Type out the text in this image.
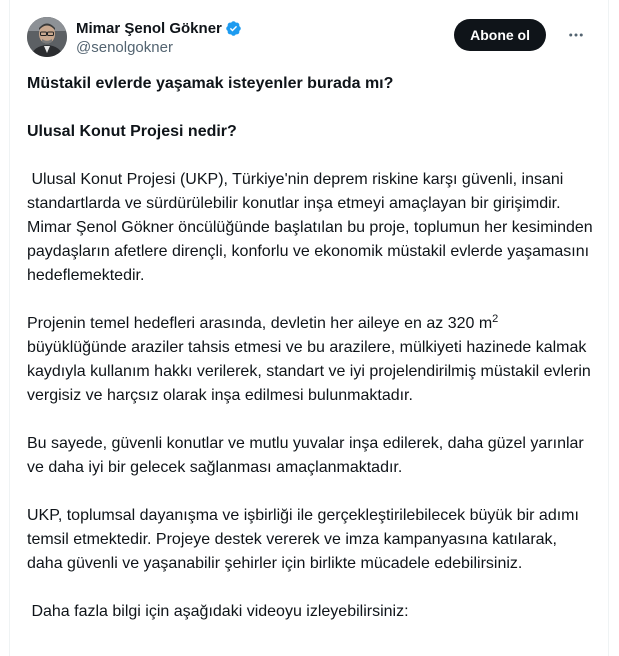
Mimar Şenol Gökner
@senolgokner
Abone ol

Müstakil evlerde yaşamak isteyenler burada mı?

Ulusal Konut Projesi nedir?

Ulusal Konut Projesi (UKP), Türkiye'nin deprem riskine karşı güvenli, insani standartlarda ve sürdürülebilir konutlar inşa etmeyi amaçlayan bir girişimdir. Mimar Şenol Gökner öncülüğünde başlatılan bu proje, toplumun her kesiminden paydaşların afetlere dirençli, konforlu ve ekonomik müstakil evlerde yaşamasını hedeflemektedir.

Projenin temel hedefleri arasında, devletin her aileye en az 320 $m^2$ büyüklüğünde araziler tahsis etmesi ve bu arazilere, mülkiyeti hazinede kalmak kaydıyla kullanım hakkı verilerek, standart ve iyi projelendirilmiş müstakil evlerin vergisiz ve harçsız olarak inşa edilmesi bulunmaktadır.

Bu sayede, güvenli konutlar ve mutlu yuvalar inşa edilerek, daha güzel yarınlar ve daha iyi bir gelecek sağlanması amaçlanmaktadır.

UKP, toplumsal dayanışma ve işbirliği ile gerçekleştirilebilecek büyük bir adımı temsil etmektedir. Projeye destek vererek ve imza kampanyasına katılarak, daha güvenli ve yaşanabilir şehirler için birlikte mücadele edebilirsiniz.

Daha fazla bilgi için aşağıdaki videoyu izleyebilirsiniz:
